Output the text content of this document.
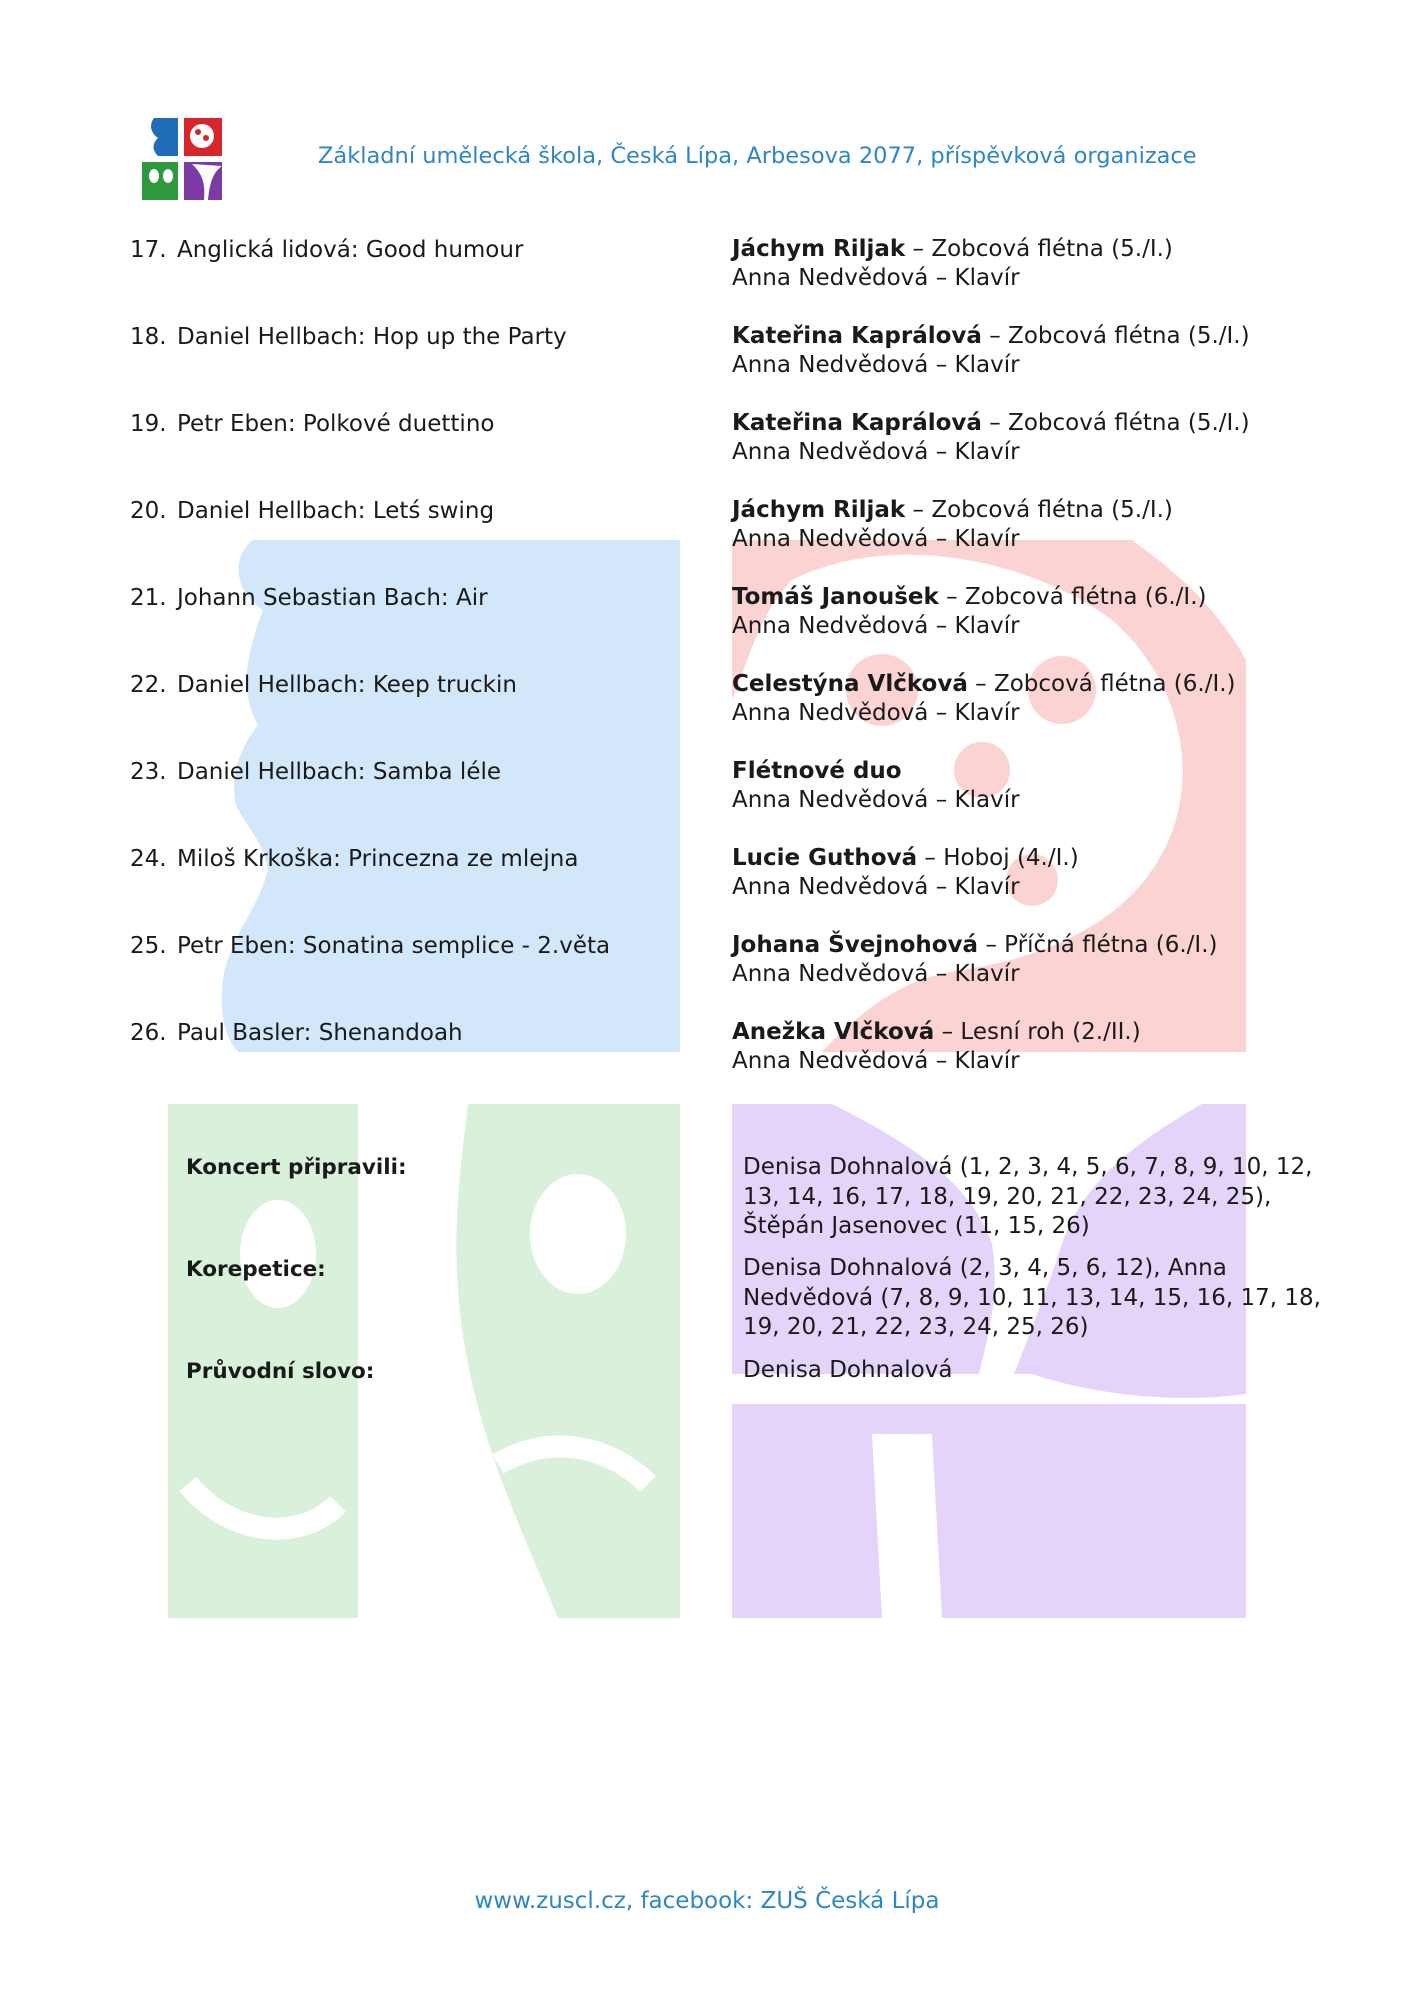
Základní umělecká škola, Česká Lípa, Arbesova 2077, příspěvková organizace
17. Anglická lidová: Good humour	Jáchym Riljak – Zobcová flétna (5./I.)
Anna Nedvědová – Klavír
18. Daniel Hellbach: Hop up the Party	Kateřina Kaprálová – Zobcová flétna (5./I.)
Anna Nedvědová – Klavír
19. Petr Eben: Polkové duettino	Kateřina Kaprálová – Zobcová flétna (5./I.)
Anna Nedvědová – Klavír
20. Daniel Hellbach: Letś swing	Jáchym Riljak – Zobcová flétna (5./I.)
Anna Nedvědová – Klavír
21. Johann Sebastian Bach: Air	Tomáš Janoušek – Zobcová flétna (6./I.)
Anna Nedvědová – Klavír
22. Daniel Hellbach: Keep truckin	Celestýna Vlčková – Zobcová flétna (6./I.)
Anna Nedvědová – Klavír
23. Daniel Hellbach: Samba léle	Flétnové duo
Anna Nedvědová – Klavír
24. Miloš Krkoška: Princezna ze mlejna	Lucie Guthová – Hoboj (4./I.)
Anna Nedvědová – Klavír
25. Petr Eben: Sonatina semplice - 2.věta	Johana Švejnohová – Příčná flétna (6./I.)
Anna Nedvědová – Klavír
26. Paul Basler: Shenandoah	Anežka Vlčková – Lesní roh (2./II.)
Anna Nedvědová – Klavír
Koncert připravili:	Denisa Dohnalová (1, 2, 3, 4, 5, 6, 7, 8, 9, 10, 12, 13, 14, 16, 17, 18, 19, 20, 21, 22, 23, 24, 25), Štěpán Jasenovec (11, 15, 26)
Korepetice:	Denisa Dohnalová (2, 3, 4, 5, 6, 12), Anna Nedvědová (7, 8, 9, 10, 11, 13, 14, 15, 16, 17, 18, 19, 20, 21, 22, 23, 24, 25, 26)
Průvodní slovo:	Denisa Dohnalová
www.zuscl.cz, facebook: ZUŠ Česká Lípa
